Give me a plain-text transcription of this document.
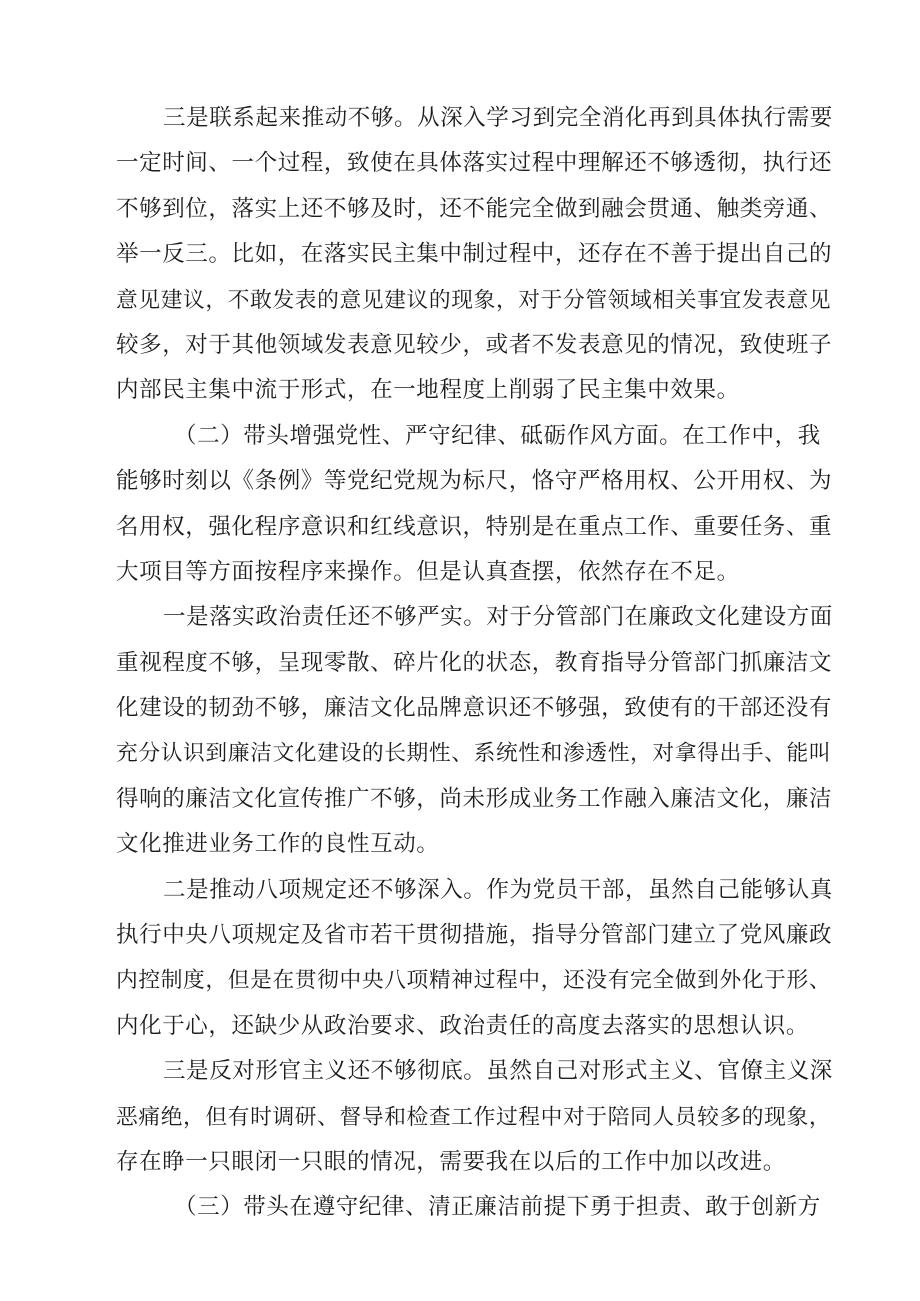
三是联系起来推动不够。从深入学习到完全消化再到具体执行需要
一定时间、一个过程，致使在具体落实过程中理解还不够透彻，执行还
不够到位，落实上还不够及时，还不能完全做到融会贯通、触类旁通、
举一反三。比如，在落实民主集中制过程中，还存在不善于提出自己的
意见建议，不敢发表的意见建议的现象，对于分管领域相关事宜发表意见
较多，对于其他领域发表意见较少，或者不发表意见的情况，致使班子
内部民主集中流于形式，在一地程度上削弱了民主集中效果。
（二）带头增强党性、严守纪律、砥砺作风方面。在工作中，我
能够时刻以《条例》等党纪党规为标尺，恪守严格用权、公开用权、为
名用权，强化程序意识和红线意识，特别是在重点工作、重要任务、重
大项目等方面按程序来操作。但是认真查摆，依然存在不足。
一是落实政治责任还不够严实。对于分管部门在廉政文化建设方面
重视程度不够，呈现零散、碎片化的状态，教育指导分管部门抓廉洁文
化建设的韧劲不够，廉洁文化品牌意识还不够强，致使有的干部还没有
充分认识到廉洁文化建设的长期性、系统性和渗透性，对拿得出手、能叫
得响的廉洁文化宣传推广不够，尚未形成业务工作融入廉洁文化，廉洁
文化推进业务工作的良性互动。
二是推动八项规定还不够深入。作为党员干部，虽然自己能够认真
执行中央八项规定及省市若干贯彻措施，指导分管部门建立了党风廉政
内控制度，但是在贯彻中央八项精神过程中，还没有完全做到外化于形、
内化于心，还缺少从政治要求、政治责任的高度去落实的思想认识。
三是反对形官主义还不够彻底。虽然自己对形式主义、官僚主义深
恶痛绝，但有时调研、督导和检查工作过程中对于陪同人员较多的现象，
存在睁一只眼闭一只眼的情况，需要我在以后的工作中加以改进。
（三）带头在遵守纪律、清正廉洁前提下勇于担责、敢于创新方
